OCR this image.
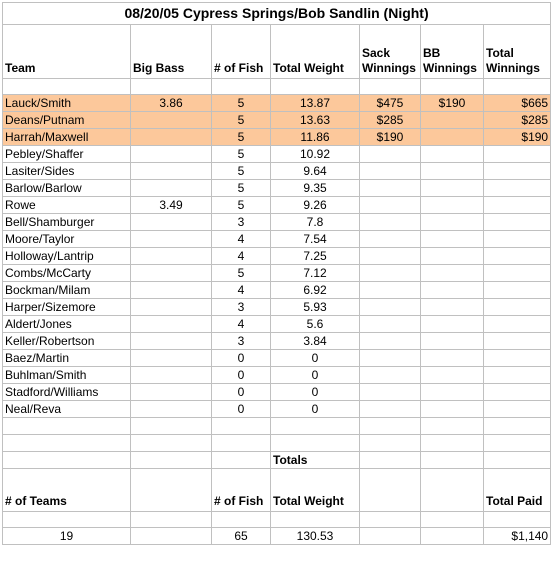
08/20/05 Cypress Springs/Bob Sandlin (Night)						
Team	Big Bass	# of Fish	Total Weight	Sack Winnings	BB Winnings	Total Winnings

Lauck/Smith	3.86	5	13.87	$475	$190	$665
Deans/Putnam		5	13.63	$285		$285
Harrah/Maxwell		5	11.86	$190		$190
Pebley/Shaffer		5	10.92			
Lasiter/Sides		5	9.64			
Barlow/Barlow		5	9.35			
Rowe	3.49	5	9.26			
Bell/Shamburger		3	7.8			
Moore/Taylor		4	7.54			
Holloway/Lantrip		4	7.25			
Combs/McCarty		5	7.12			
Bockman/Milam		4	6.92			
Harper/Sizemore		3	5.93			
Aldert/Jones		4	5.6			
Keller/Robertson		3	3.84			
Baez/Martin		0	0			
Buhlman/Smith		0	0			
Stadford/Williams		0	0			
Neal/Reva		0	0			

			Totals			
# of Teams		# of Fish	Total Weight			Total Paid

19		65	130.53			$1,140
